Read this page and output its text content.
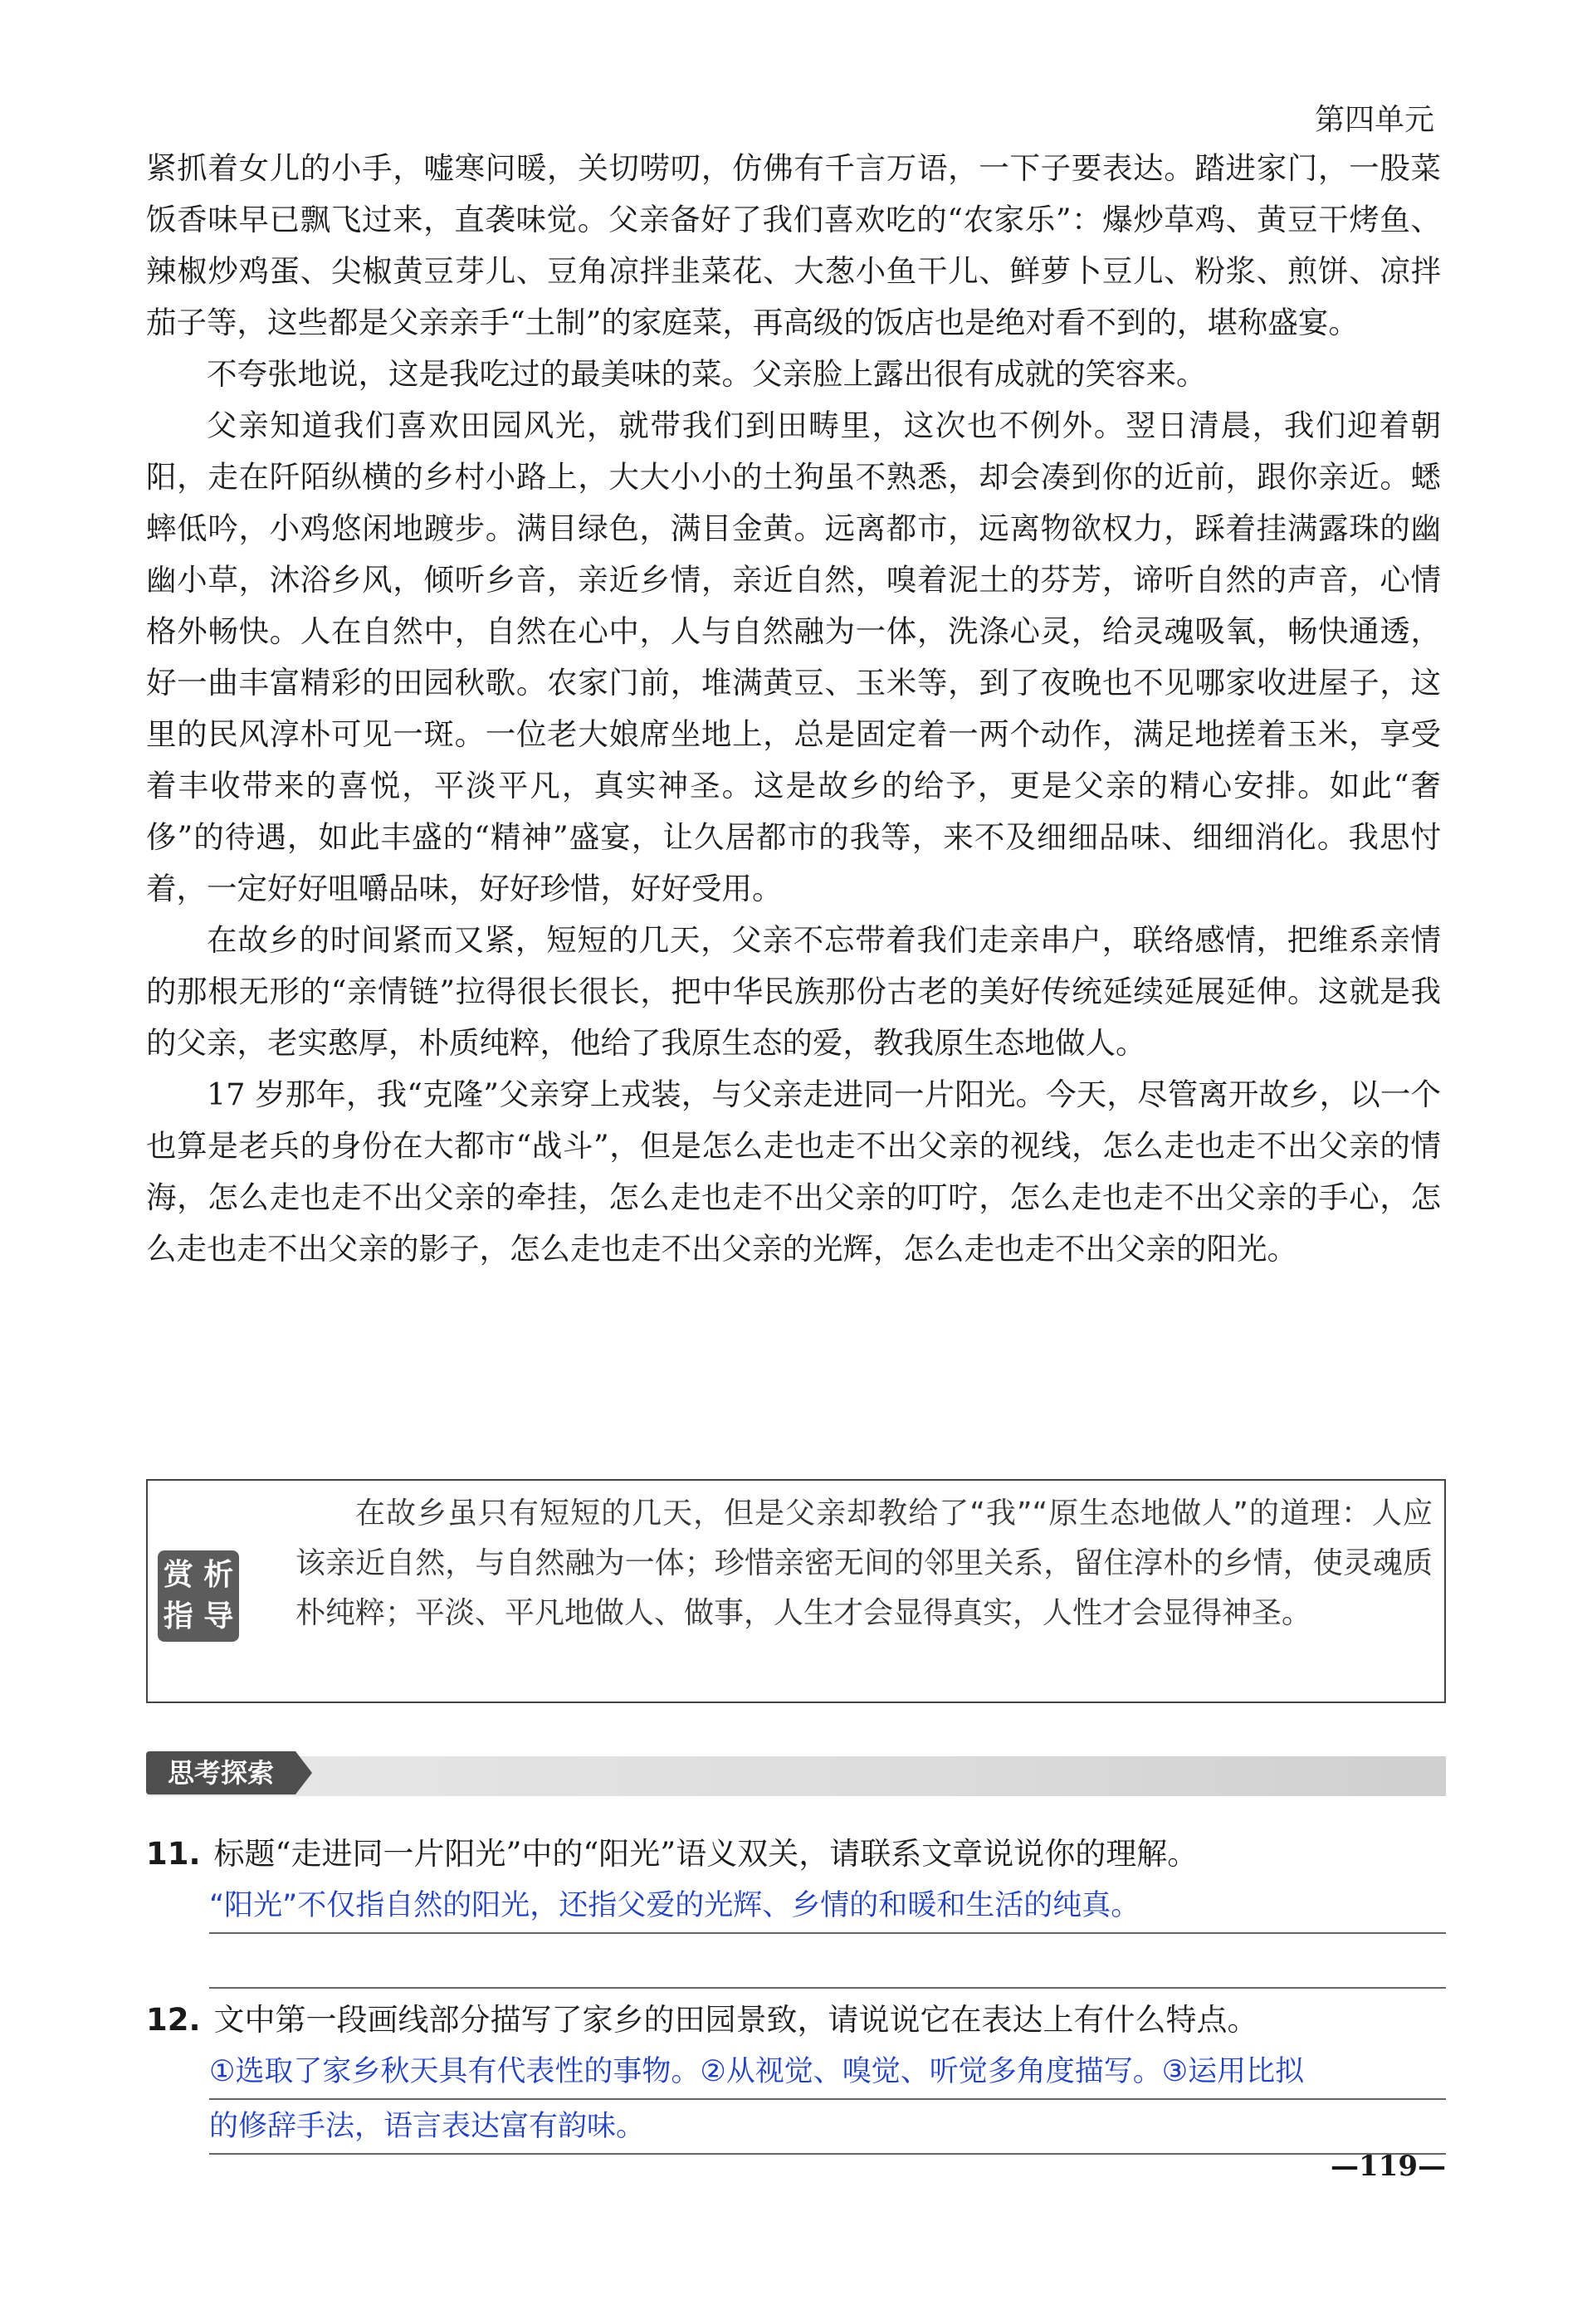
第四单元

紧抓着女儿的小手，嘘寒问暖，关切唠叨，仿佛有千言万语，一下子要表达。踏进家门，一股菜饭香味早已飘飞过来，直袭味觉。父亲备好了我们喜欢吃的“农家乐”：爆炒草鸡、黄豆干烤鱼、辣椒炒鸡蛋、尖椒黄豆芽儿、豆角凉拌韭菜花、大葱小鱼干儿、鲜萝卜豆儿、粉浆、煎饼、凉拌茄子等，这些都是父亲亲手“土制”的家庭菜，再高级的饭店也是绝对看不到的，堪称盛宴。

不夸张地说，这是我吃过的最美味的菜。父亲脸上露出很有成就的笑容来。

父亲知道我们喜欢田园风光，就带我们到田畴里，这次也不例外。翌日清晨，我们迎着朝阳，走在阡陌纵横的乡村小路上，大大小小的土狗虽不熟悉，却会凑到你的近前，跟你亲近。蟋蟀低吟，小鸡悠闲地踱步。满目绿色，满目金黄。远离都市，远离物欲权力，踩着挂满露珠的幽幽小草，沐浴乡风，倾听乡音，亲近乡情，亲近自然，嗅着泥土的芬芳，谛听自然的声音，心情格外畅快。人在自然中，自然在心中，人与自然融为一体，洗涤心灵，给灵魂吸氧，畅快通透，好一曲丰富精彩的田园秋歌。农家门前，堆满黄豆、玉米等，到了夜晚也不见哪家收进屋子，这里的民风淳朴可见一斑。一位老大娘席坐地上，总是固定着一两个动作，满足地搓着玉米，享受着丰收带来的喜悦，平淡平凡，真实神圣。这是故乡的给予，更是父亲的精心安排。如此“奢侈”的待遇，如此丰盛的“精神”盛宴，让久居都市的我等，来不及细细品味、细细消化。我思忖着，一定好好咀嚼品味，好好珍惜，好好受用。

在故乡的时间紧而又紧，短短的几天，父亲不忘带着我们走亲串户，联络感情，把维系亲情的那根无形的“亲情链”拉得很长很长，把中华民族那份古老的美好传统延续延展延伸。这就是我的父亲，老实憨厚，朴质纯粹，他给了我原生态的爱，教我原生态地做人。

17 岁那年，我“克隆”父亲穿上戎装，与父亲走进同一片阳光。今天，尽管离开故乡，以一个也算是老兵的身份在大都市“战斗”，但是怎么走也走不出父亲的视线，怎么走也走不出父亲的情海，怎么走也走不出父亲的牵挂，怎么走也走不出父亲的叮咛，怎么走也走不出父亲的手心，怎么走也走不出父亲的影子，怎么走也走不出父亲的光辉，怎么走也走不出父亲的阳光。

赏 析
指 导

在故乡虽只有短短的几天，但是父亲却教给了“我”“原生态地做人”的道理：人应该亲近自然，与自然融为一体；珍惜亲密无间的邻里关系，留住淳朴的乡情，使灵魂质朴纯粹；平淡、平凡地做人、做事，人生才会显得真实，人性才会显得神圣。

思考探索
11. 标题“走进同一片阳光”中的“阳光”语义双关，请联系文章说说你的理解。
“阳光”不仅指自然的阳光，还指父爱的光辉、乡情的和暖和生活的纯真。
12. 文中第一段画线部分描写了家乡的田园景致，请说说它在表达上有什么特点。
①选取了家乡秋天具有代表性的事物。②从视觉、嗅觉、听觉多角度描写。③运用比拟
的修辞手法，语言表达富有韵味。
—119—
